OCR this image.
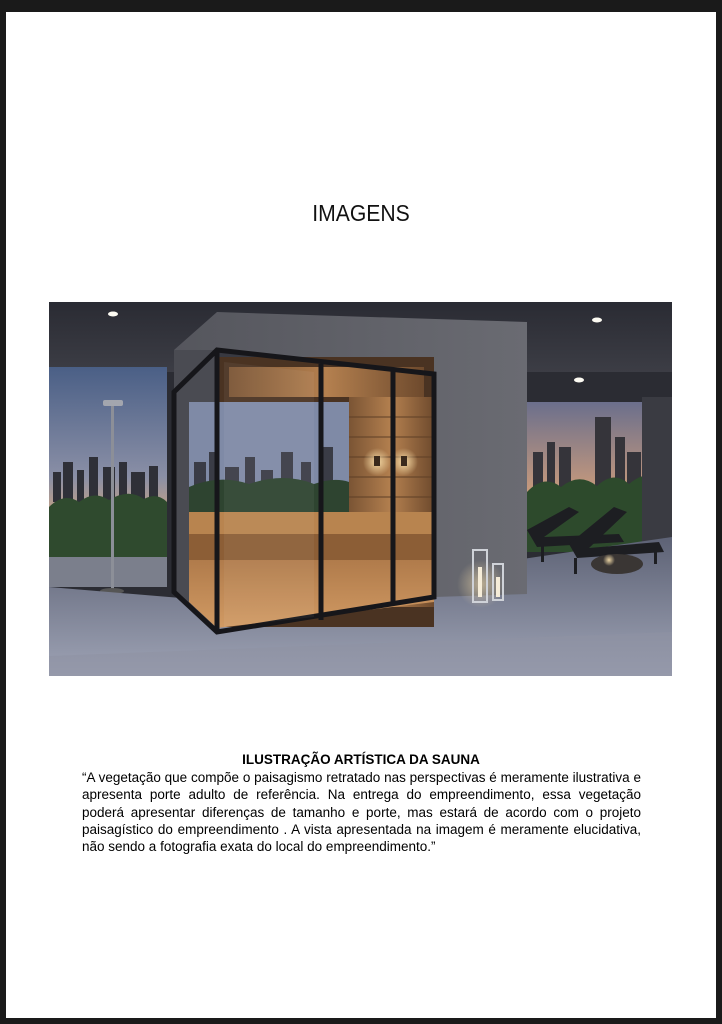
IMAGENS
ILUSTRAÇÃO ARTÍSTICA DA SAUNA

“A vegetação que compõe o paisagismo retratado nas perspectivas é meramente ilustrativa e apresenta porte adulto de referência. Na entrega do empreendimento, essa vegetação poderá apresentar diferenças de tamanho e porte, mas estará de acordo com o projeto paisagístico do empreendimento . A vista apresentada na imagem é meramente elucidativa, não sendo a fotografia exata do local do empreendimento.”
